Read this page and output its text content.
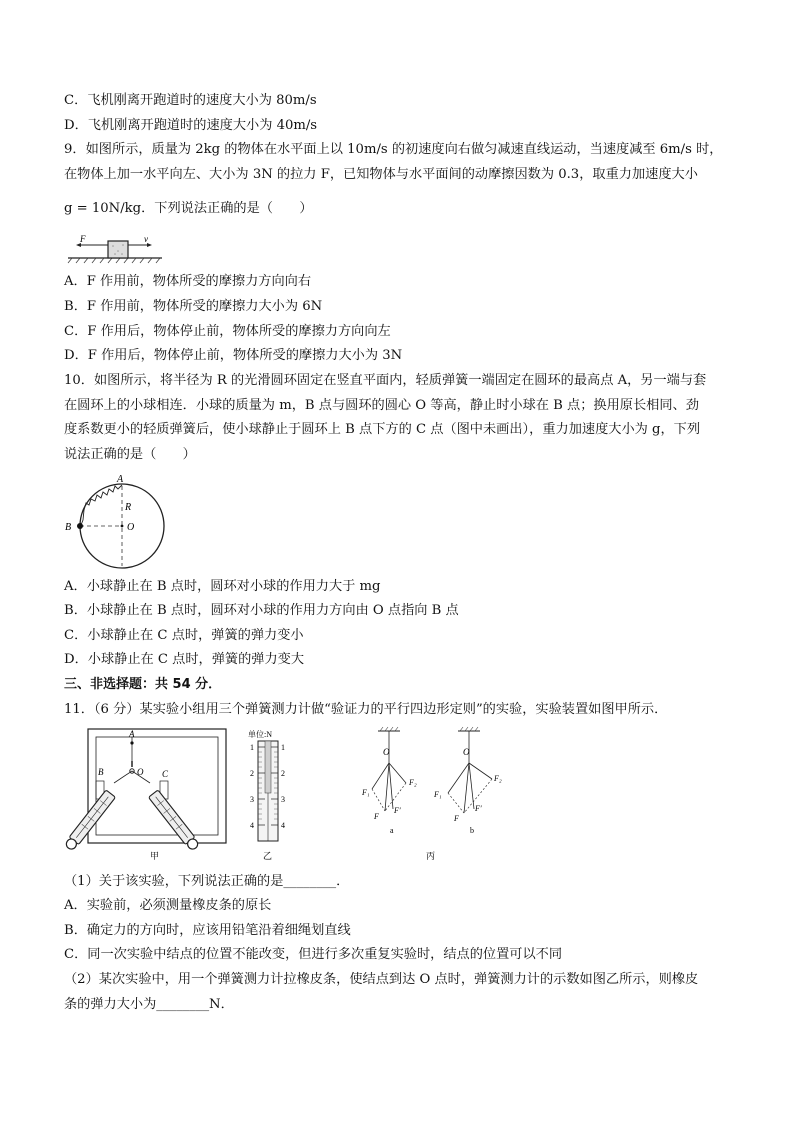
C．飞机刚离开跑道时的速度大小为 80m/s
D．飞机刚离开跑道时的速度大小为 40m/s
9．如图所示，质量为 2kg 的物体在水平面上以 10m/s 的初速度向右做匀减速直线运动，当速度减至 6m/s 时，
在物体上加一水平向左、大小为 3N 的拉力 F，已知物体与水平面间的动摩擦因数为 0.3，取重力加速度大小
g = 10N/kg．下列说法正确的是（　　）
F	v
A．F 作用前，物体所受的摩擦力方向向右
B．F 作用前，物体所受的摩擦力大小为 6N
C．F 作用后，物体停止前，物体所受的摩擦力方向向左
D．F 作用后，物体停止前，物体所受的摩擦力大小为 3N
10．如图所示，将半径为 R 的光滑圆环固定在竖直平面内，轻质弹簧一端固定在圆环的最高点 A，另一端与套
在圆环上的小球相连．小球的质量为 m，B 点与圆环的圆心 O 等高，静止时小球在 B 点；换用原长相同、劲
度系数更小的轻质弹簧后，使小球静止于圆环上 B 点下方的 C 点（图中未画出），重力加速度大小为 g，下列
说法正确的是（　　）
A
B	O
R
A．小球静止在 B 点时，圆环对小球的作用力大于 mg
B．小球静止在 B 点时，圆环对小球的作用力方向由 O 点指向 B 点
C．小球静止在 C 点时，弹簧的弹力变小
D．小球静止在 C 点时，弹簧的弹力变大
三、非选择题：共 54 分．
11．（6 分）某实验小组用三个弹簧测力计做“验证力的平行四边形定则”的实验，实验装置如图甲所示．
A
B	C
O
甲
单位:N
1
2
3
4
1
2
3
4
乙
O
F₁
F₂
F
F′
a
O
F₁
F₂
F
F′
b
丙
（1）关于该实验，下列说法正确的是________．
A．实验前，必须测量橡皮条的原长
B．确定力的方向时，应该用铅笔沿着细绳划直线
C．同一次实验中结点的位置不能改变，但进行多次重复实验时，结点的位置可以不同
（2）某次实验中，用一个弹簧测力计拉橡皮条，使结点到达 O 点时，弹簧测力计的示数如图乙所示，则橡皮
条的弹力大小为________N．
